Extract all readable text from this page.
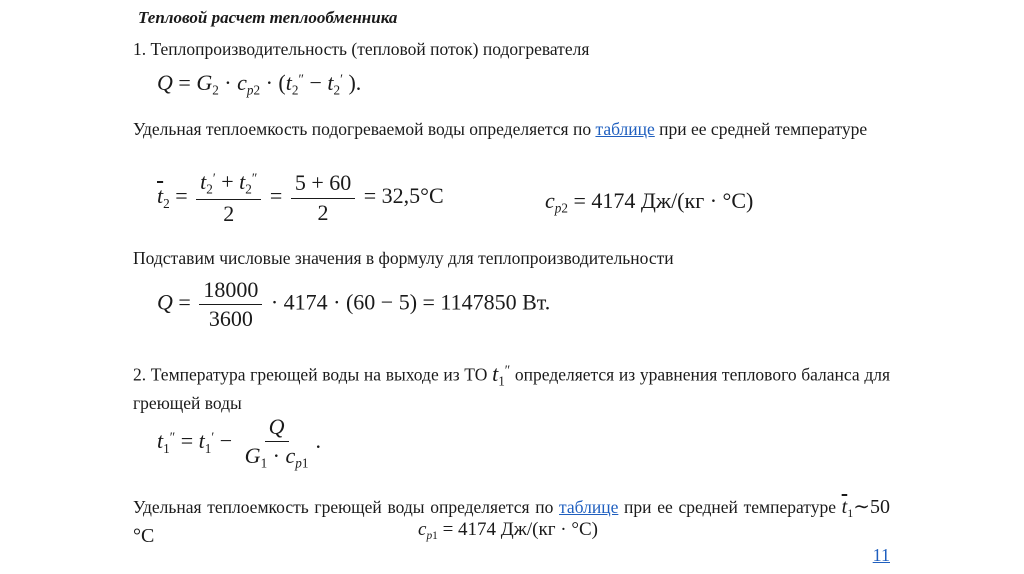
Тепловой расчет теплообменника
1. Теплопроизводительность (тепловой поток) подогревателя
$Q = G_2 \cdot c_{p2} \cdot (t_2'' - t_2'$ ).
Удельная теплоемкость подогреваемой воды определяется по таблице при ее средней температуре
$\overline{t}_2 = \frac{t_2' + t_2''}{2} = \frac{5 + 60}{2} = 32,5^\circ С$	$c_{p2} = 4174$ Дж/(кг · °С)
Подставим числовые значения в формулу для теплопроизводительности
$Q = \frac{18000}{3600} \cdot 4174 \cdot (60 - 5) = 1147850$ Вт.
2. Температура греющей воды на выходе из ТО $t_1''$ определяется из уравнения теплового баланса для греющей воды
$t_1'' = t_1' - \frac{Q}{G_1 \cdot c_{p1}}$ .
Удельная теплоемкость греющей воды определяется по таблице при ее средней температуре $\overline{t}_1\sim 50$ °С	$c_{p1} = 4174$ Дж/(кг · °С)
11
